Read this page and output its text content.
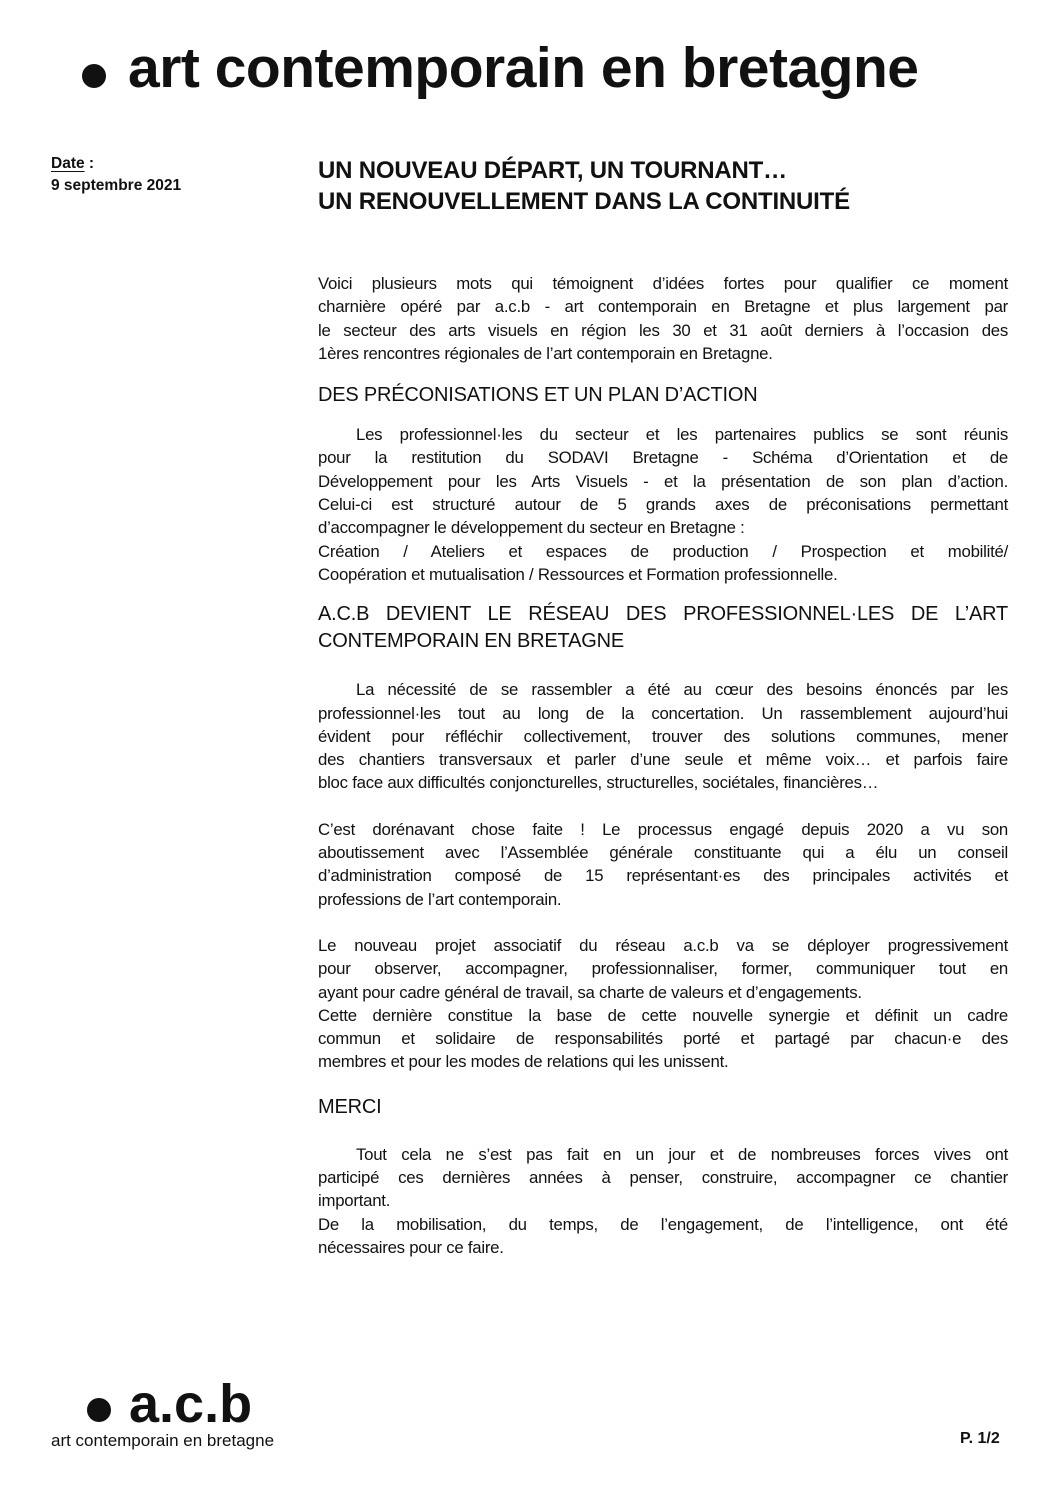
art contemporain en bretagne
Date :
9 septembre 2021
UN NOUVEAU DÉPART, UN TOURNANT…
UN RENOUVELLEMENT DANS LA CONTINUITÉ

Voici plusieurs mots qui témoignent d’idées fortes pour qualifier ce moment
charnière opéré par a.c.b - art contemporain en Bretagne et plus largement par
le secteur des arts visuels en région les 30 et 31 août derniers à l’occasion des
1ères rencontres régionales de l’art contemporain en Bretagne.

DES PRÉCONISATIONS ET UN PLAN D’ACTION

Les professionnel·les du secteur et les partenaires publics se sont réunis
pour la restitution du SODAVI Bretagne - Schéma d’Orientation et de
Développement pour les Arts Visuels - et la présentation de son plan d’action.
Celui-ci est structuré autour de 5 grands axes de préconisations permettant
d’accompagner le développement du secteur en Bretagne :
Création / Ateliers et espaces de production / Prospection et mobilité/
Coopération et mutualisation / Ressources et Formation professionnelle.

A.C.B DEVIENT LE RÉSEAU DES PROFESSIONNEL·LES DE L’ART
CONTEMPORAIN EN BRETAGNE

La nécessité de se rassembler a été au cœur des besoins énoncés par les
professionnel·les tout au long de la concertation. Un rassemblement aujourd’hui
évident pour réfléchir collectivement, trouver des solutions communes, mener
des chantiers transversaux et parler d’une seule et même voix… et parfois faire
bloc face aux difficultés conjoncturelles, structurelles, sociétales, financières…

C’est dorénavant chose faite ! Le processus engagé depuis 2020 a vu son
aboutissement avec l’Assemblée générale constituante qui a élu un conseil
d’administration composé de 15 représentant·es des principales activités et
professions de l’art contemporain.

Le nouveau projet associatif du réseau a.c.b va se déployer progressivement
pour observer, accompagner, professionnaliser, former, communiquer tout en
ayant pour cadre général de travail, sa charte de valeurs et d’engagements.
Cette dernière constitue la base de cette nouvelle synergie et définit un cadre
commun et solidaire de responsabilités porté et partagé par chacun·e des
membres et pour les modes de relations qui les unissent.

MERCI

Tout cela ne s’est pas fait en un jour et de nombreuses forces vives ont
participé ces dernières années à penser, construire, accompagner ce chantier
important.
De la mobilisation, du temps, de l’engagement, de l’intelligence, ont été
nécessaires pour ce faire.

a.c.b
art contemporain en bretagne	P. 1/2
